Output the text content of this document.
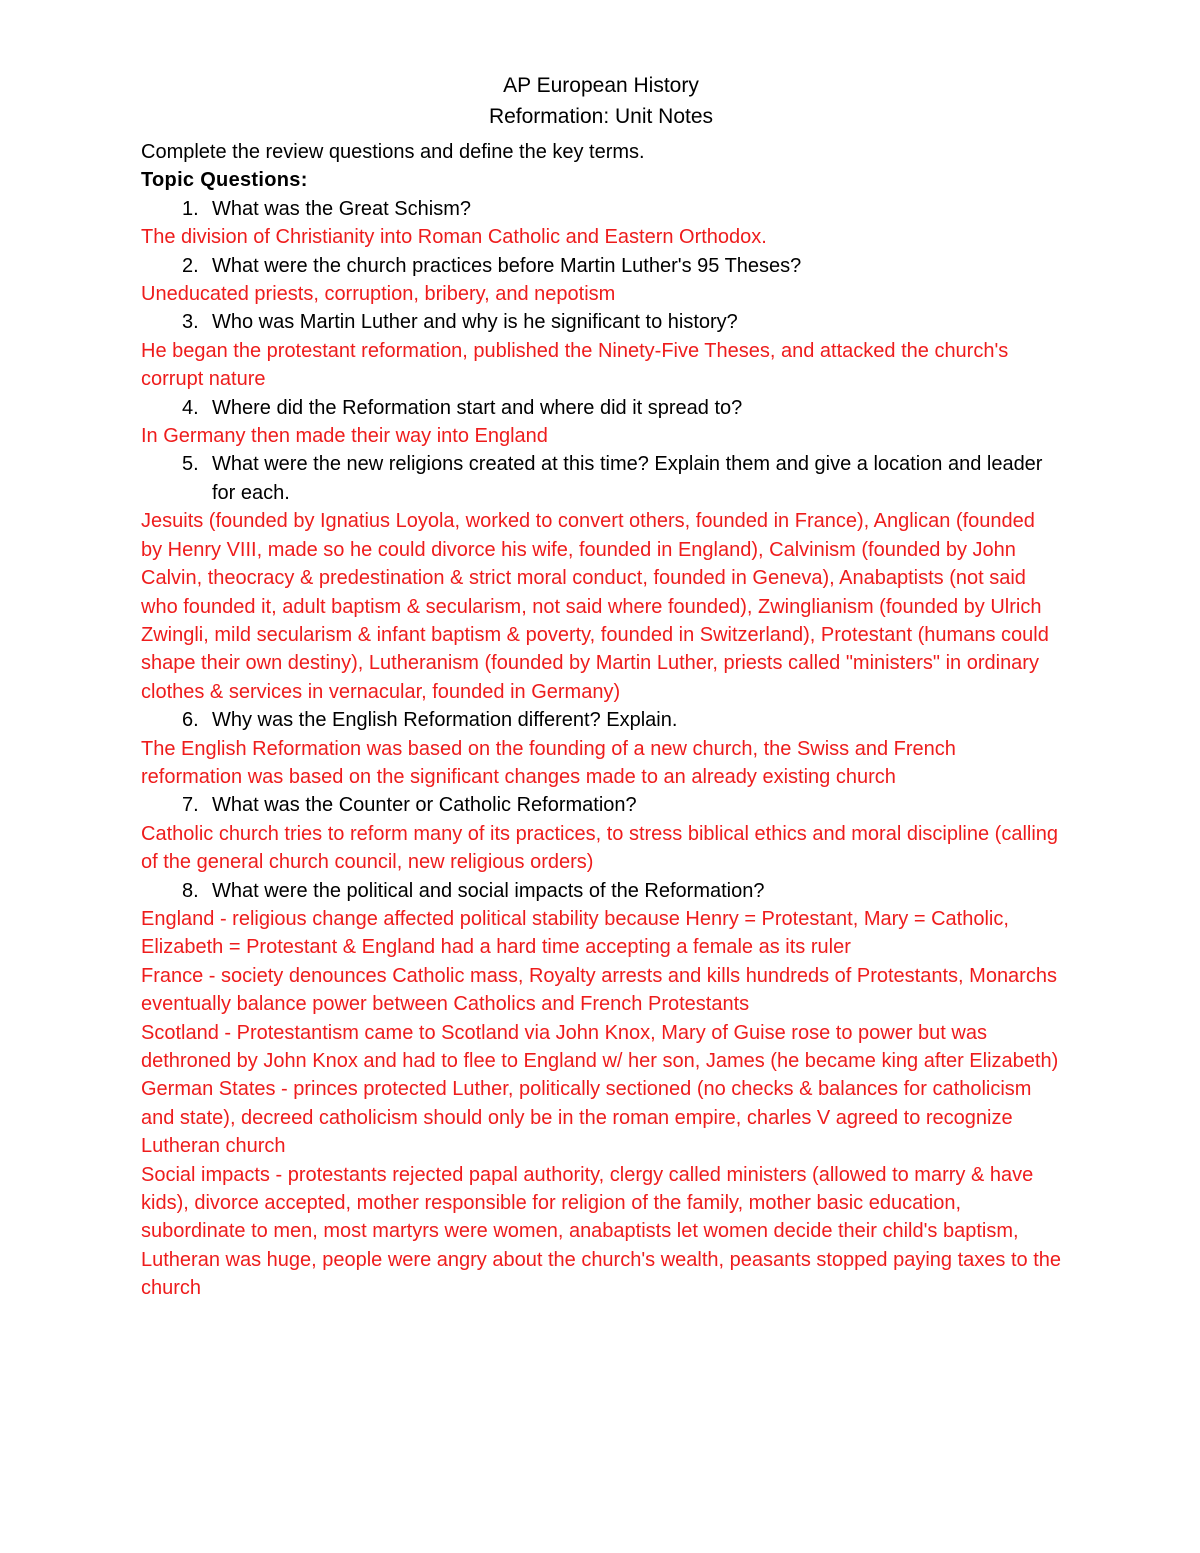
AP European History

Reformation: Unit Notes

Complete the review questions and define the key terms.

Topic Questions:

1. What was the Great Schism?

The division of Christianity into Roman Catholic and Eastern Orthodox.

2. What were the church practices before Martin Luther's 95 Theses?

Uneducated priests, corruption, bribery, and nepotism

3. Who was Martin Luther and why is he significant to history?

He began the protestant reformation, published the Ninety-Five Theses, and attacked the church's corrupt nature

4. Where did the Reformation start and where did it spread to?

In Germany then made their way into England

5. What were the new religions created at this time? Explain them and give a location and leader for each.

Jesuits (founded by Ignatius Loyola, worked to convert others, founded in France), Anglican (founded by Henry VIII, made so he could divorce his wife, founded in England), Calvinism (founded by John Calvin, theocracy & predestination & strict moral conduct, founded in Geneva), Anabaptists (not said who founded it, adult baptism & secularism, not said where founded), Zwinglianism (founded by Ulrich Zwingli, mild secularism & infant baptism & poverty, founded in Switzerland), Protestant (humans could shape their own destiny), Lutheranism (founded by Martin Luther, priests called "ministers" in ordinary clothes & services in vernacular, founded in Germany)

6. Why was the English Reformation different? Explain.

The English Reformation was based on the founding of a new church, the Swiss and French reformation was based on the significant changes made to an already existing church

7. What was the Counter or Catholic Reformation?

Catholic church tries to reform many of its practices, to stress biblical ethics and moral discipline (calling of the general church council, new religious orders)

8. What were the political and social impacts of the Reformation?

England - religious change affected political stability because Henry = Protestant, Mary = Catholic, Elizabeth = Protestant & England had a hard time accepting a female as its ruler

France - society denounces Catholic mass, Royalty arrests and kills hundreds of Protestants, Monarchs eventually balance power between Catholics and French Protestants

Scotland - Protestantism came to Scotland via John Knox, Mary of Guise rose to power but was dethroned by John Knox and had to flee to England w/ her son, James (he became king after Elizabeth)

German States - princes protected Luther, politically sectioned (no checks & balances for catholicism and state), decreed catholicism should only be in the roman empire, charles V agreed to recognize Lutheran church

Social impacts - protestants rejected papal authority, clergy called ministers (allowed to marry & have kids), divorce accepted, mother responsible for religion of the family, mother basic education, subordinate to men, most martyrs were women, anabaptists let women decide their child's baptism, Lutheran was huge, people were angry about the church's wealth, peasants stopped paying taxes to the church
